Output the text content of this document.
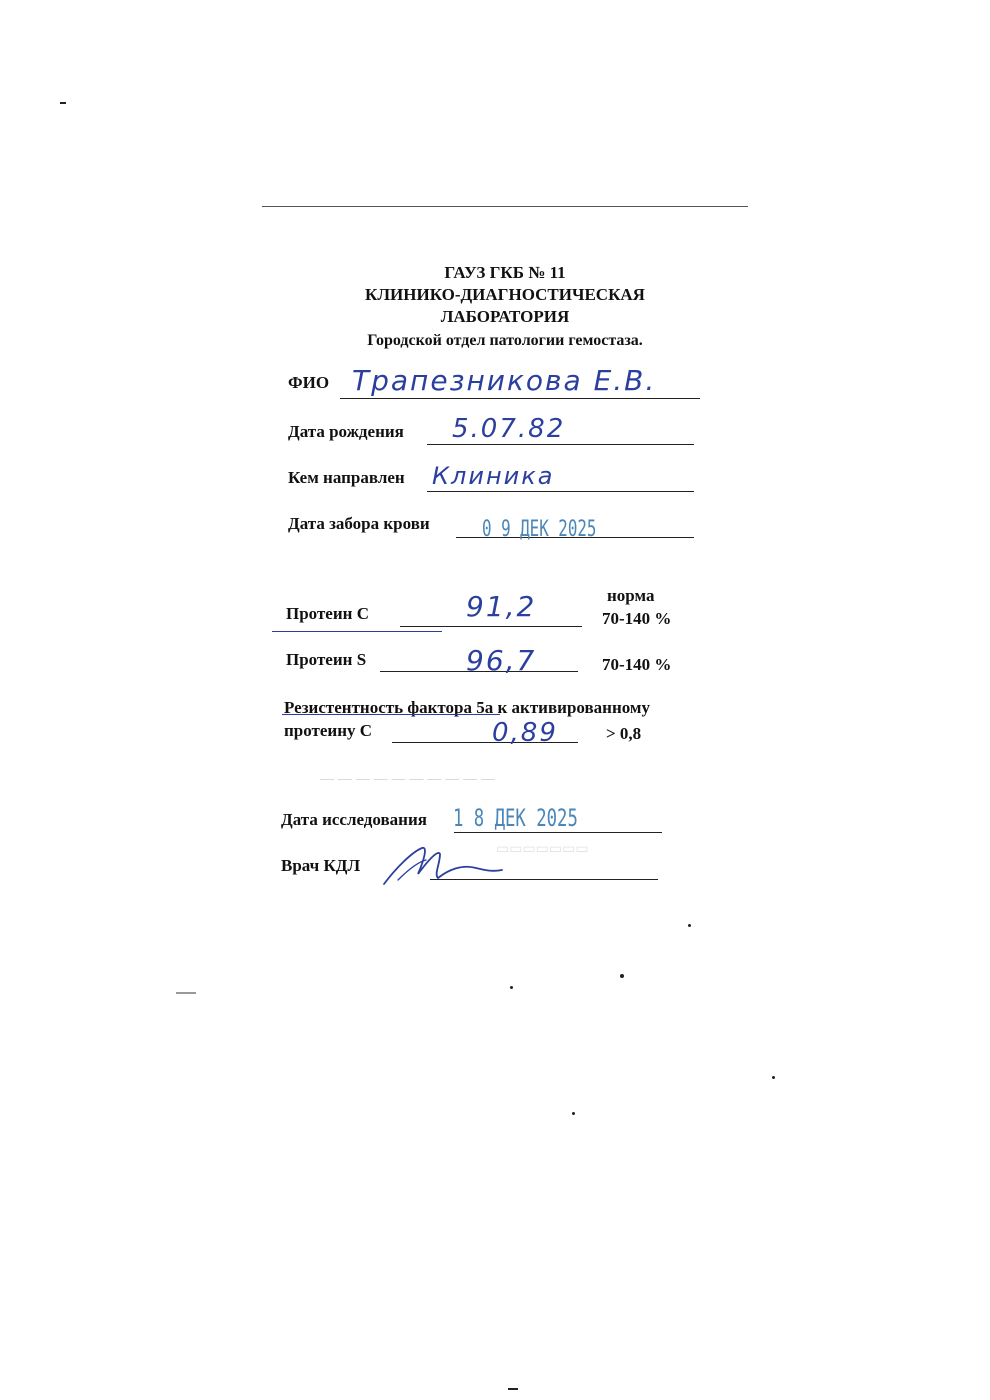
ГАУЗ ГКБ № 11
КЛИНИКО-ДИАГНОСТИЧЕСКАЯ
ЛАБОРАТОРИЯ
Городской отдел патологии гемостаза.
ФИО Трапезникова Е.В.
Дата рождения 5.07.82
Кем направлен Клиника
Дата забора крови 0 9 ДЕК 2025
норма
Протеин С	91,2	70-140 %
Протеин S	96,7	70-140 %
Резистентность фактора 5а к активированному
протеину С	0,89	> 0,8
— — — — — — — — — —
Дата исследования 1 8 ДЕК 2025
Врач КДЛ
▭▭▭▭▭▭▭
